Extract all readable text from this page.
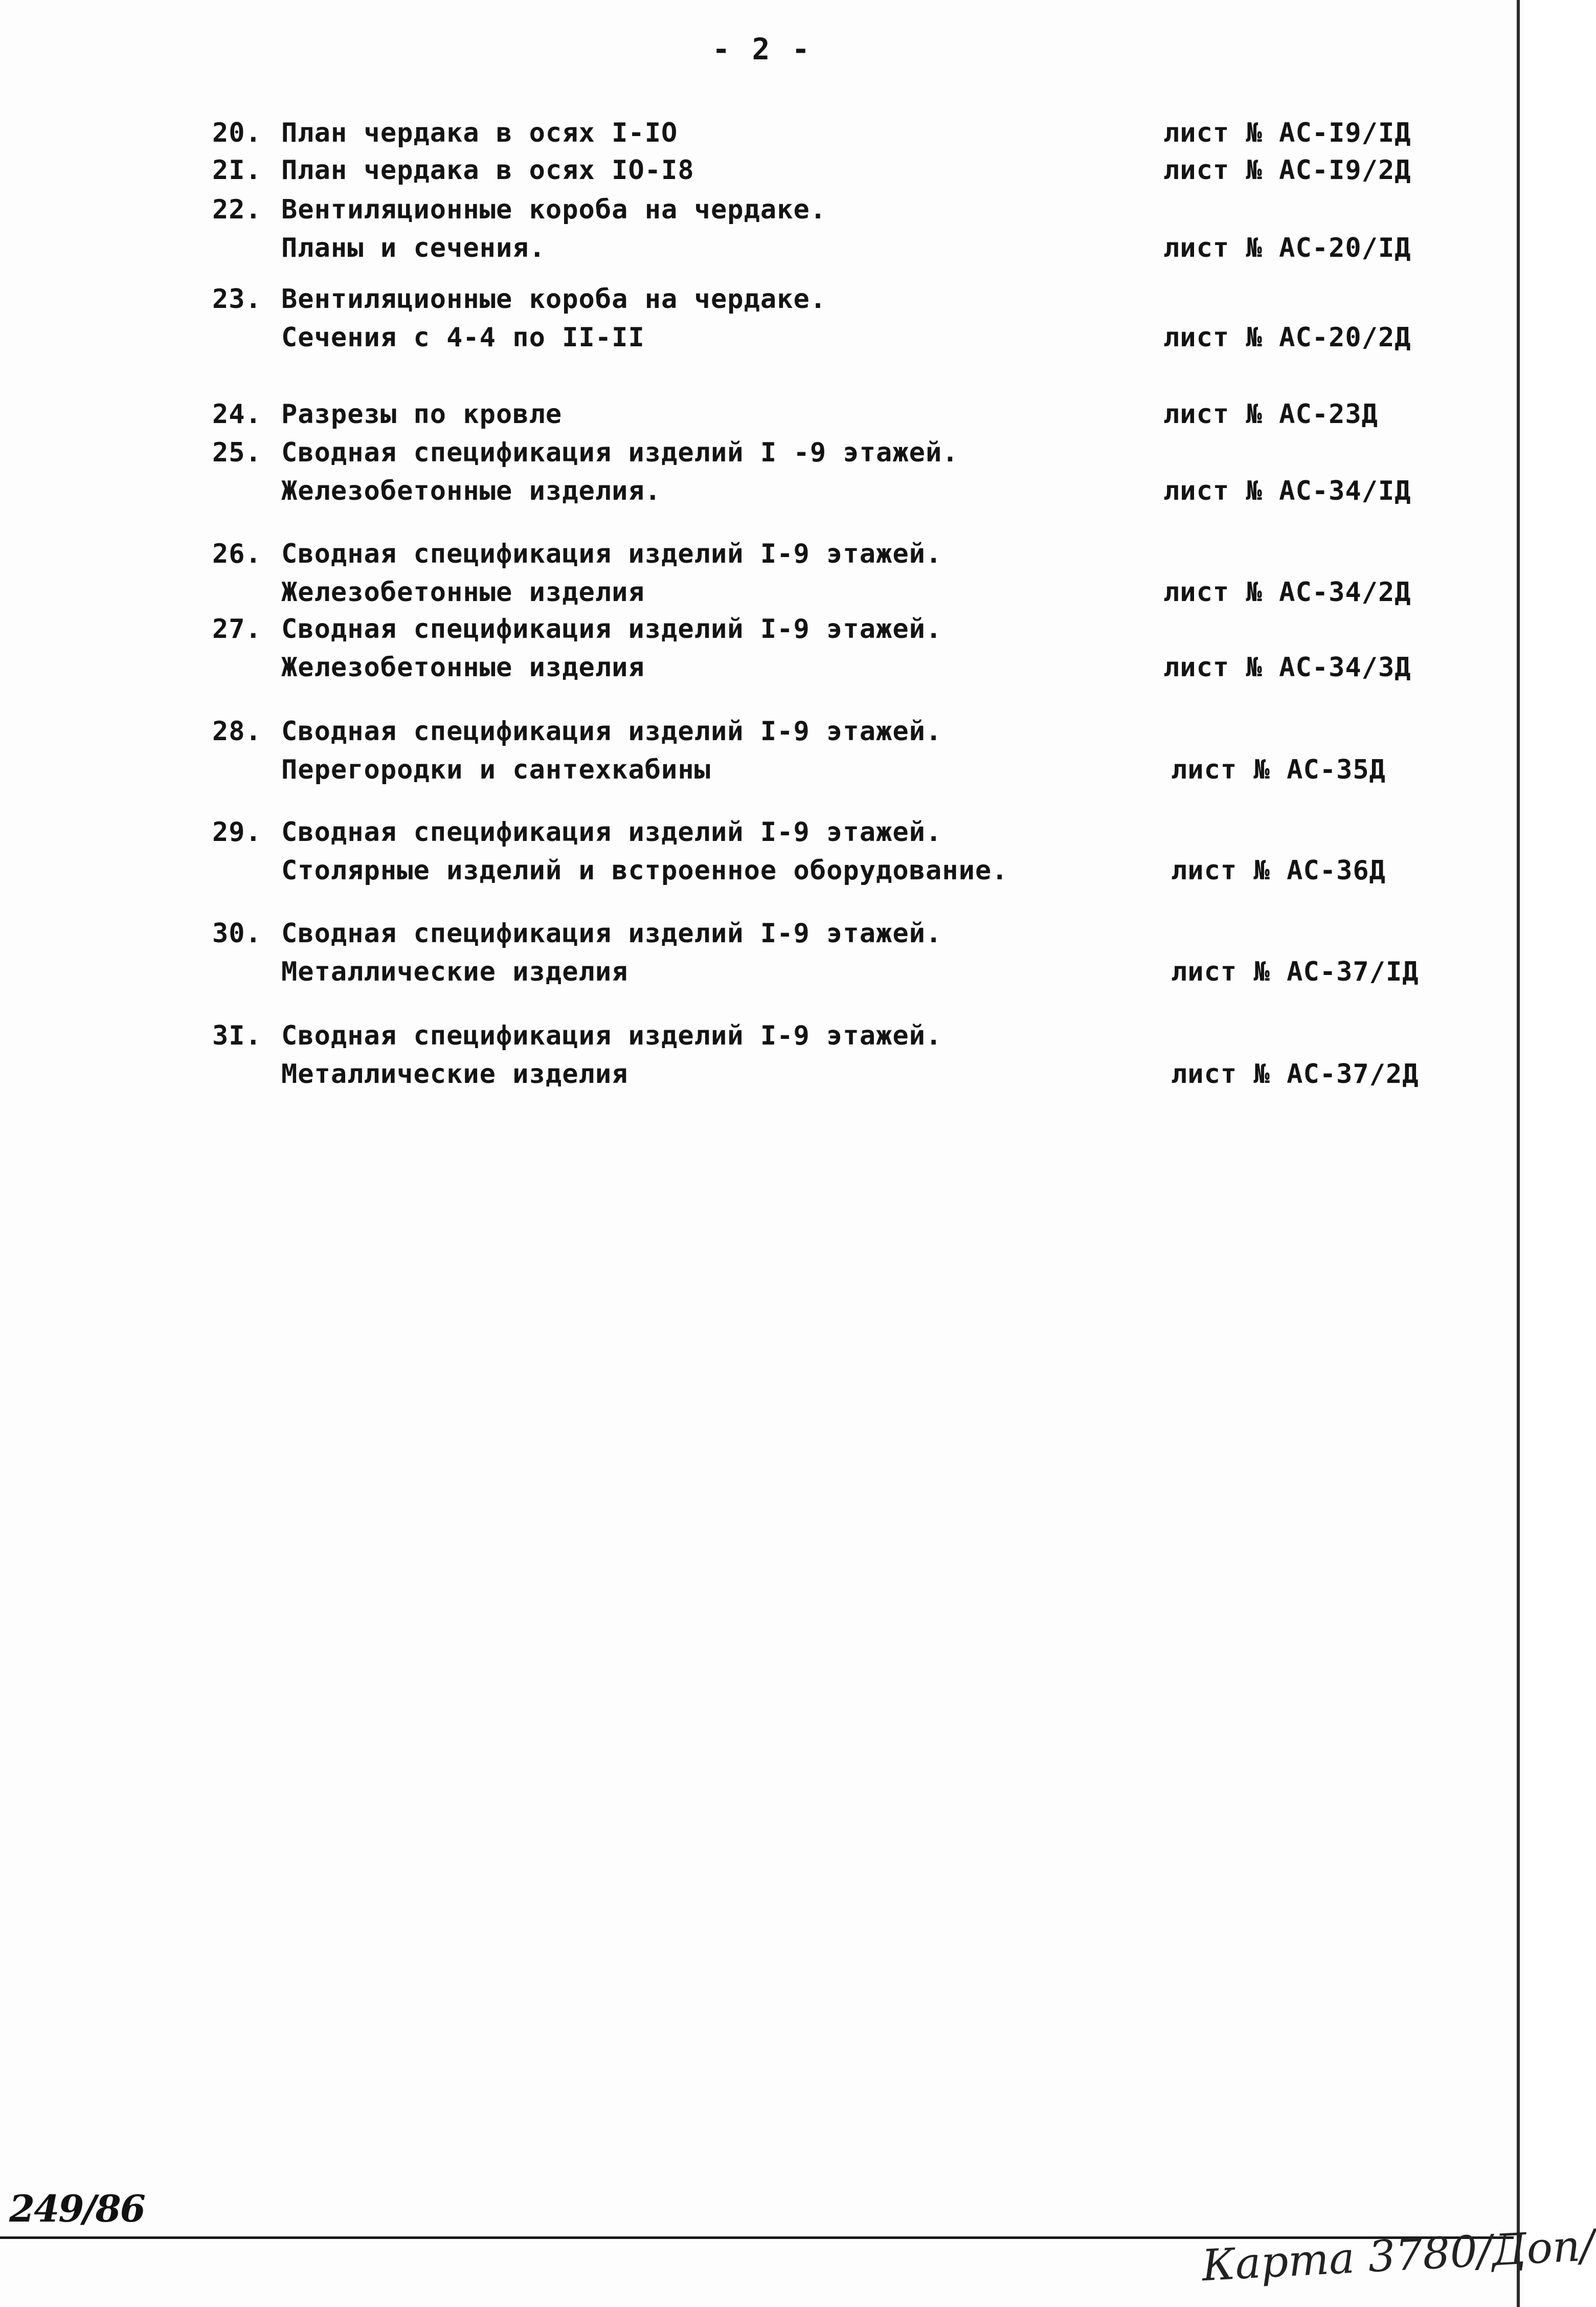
- 2 -
20. План чердака в осях I-IO	лист № АС-I9/IД
2I. План чердака в осях IO-I8	лист № АС-I9/2Д
22. Вентиляционные короба на чердаке.
Планы и сечения.	лист № АС-20/IД
23. Вентиляционные короба на чердаке.
Сечения с 4-4 по II-II	лист № АС-20/2Д
24. Разрезы по кровле	лист № АС-23Д
25. Сводная спецификация изделий I -9 этажей.
Железобетонные изделия.	лист № АС-34/IД
26. Сводная спецификация изделий I-9 этажей.
Железобетонные изделия	лист № АС-34/2Д
27. Сводная спецификация изделий I-9 этажей.
Железобетонные изделия	лист № АС-34/3Д
28. Сводная спецификация изделий I-9 этажей.
Перегородки и сантехкабины	лист № АС-35Д
29. Сводная спецификация изделий I-9 этажей.
Столярные изделий и встроенное оборудование.	лист № АС-36Д
30. Сводная спецификация изделий I-9 этажей.
Металлические изделия	лист № АС-37/IД
3I. Сводная спецификация изделий I-9 этажей.
Металлические изделия	лист № АС-37/2Д
249/86
Карта 3780/Доп/
